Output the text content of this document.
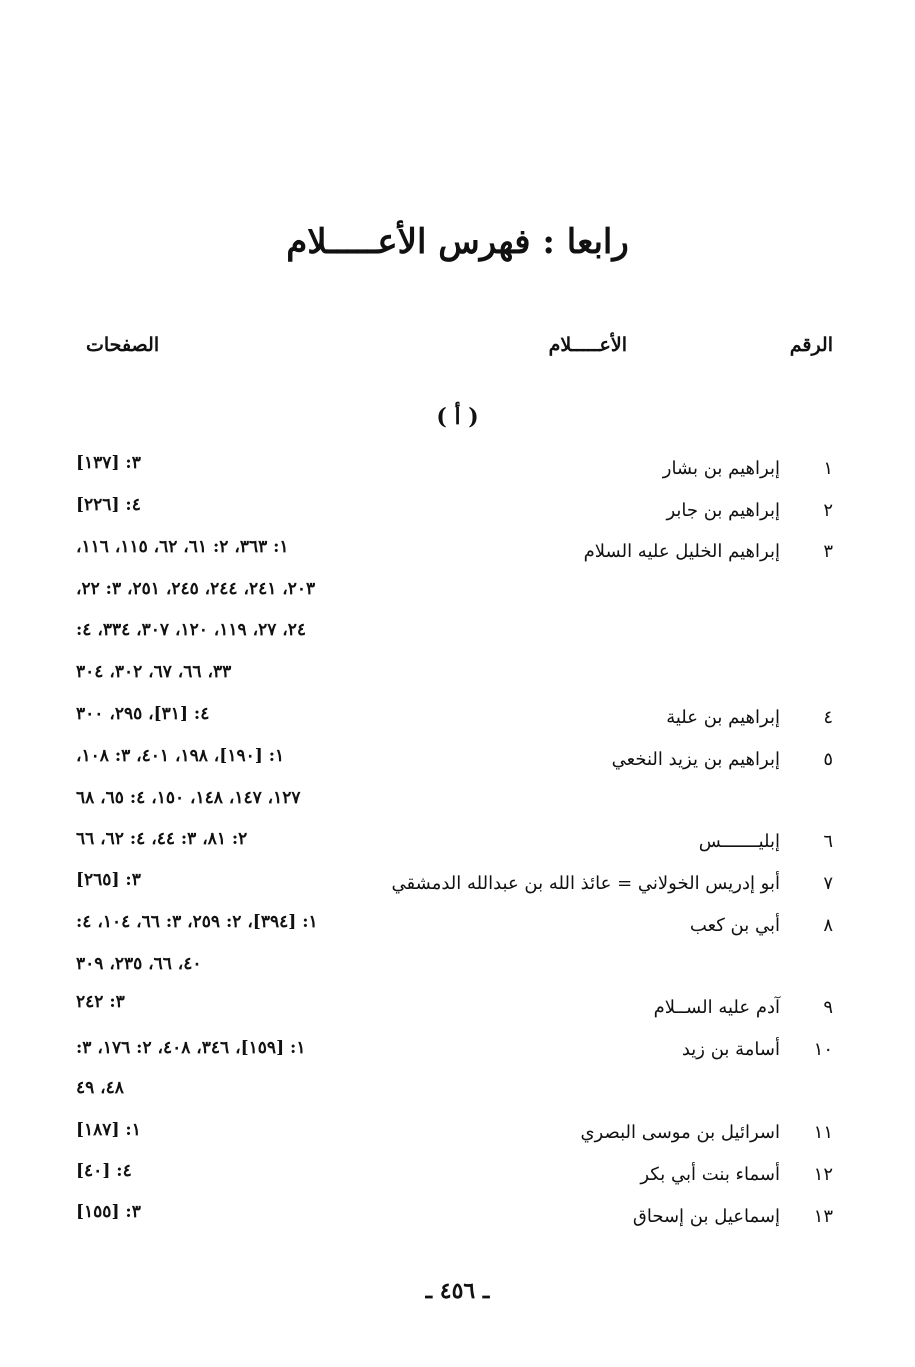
رابعا : فهرس الأعـــــلام
الرقم
الأعـــــلام
الصفحات
( أ )
١
٢
٣
٤
٥
٦
٧
٨
٩
١٠
١١
١٢
١٣
إبراهيم بن بشار
إبراهيم بن جابر
إبراهيم الخليل عليه السلام
إبراهيم بن علية
إبراهيم بن يزيد النخعي
إبليـــــــس
أبو إدريس الخولاني = عائذ الله بن عبدالله الدمشقي
أبي بن كعب
آدم عليه الســلام
أسامة بن زيد
اسرائيل بن موسى البصري
أسماء بنت أبي بكر
إسماعيل بن إسحاق
٣: [١٣٧]
٤: [٢٢٦]
١: ٣٦٣، ٢: ٦١، ٦٢، ١١٥، ١١٦،
٢٠٣، ٢٤١، ٢٤٤، ٢٤٥، ٢٥١، ٣: ٢٢،
٢٤، ٢٧، ١١٩، ١٢٠، ٣٠٧، ٣٣٤، ٤:
٣٣، ٦٦، ٦٧، ٣٠٢، ٣٠٤
٤: [٣١]، ٢٩٥، ٣٠٠
١: [١٩٠]، ١٩٨، ٤٠١، ٣: ١٠٨،
١٢٧، ١٤٧، ١٤٨، ١٥٠، ٤: ٦٥، ٦٨
٢: ٨١، ٣: ٤٤، ٤: ٦٢، ٦٦
٣: [٢٦٥]
١: [٣٩٤]، ٢: ٢٥٩، ٣: ٦٦، ١٠٤، ٤:
٤٠، ٦٦، ٢٣٥، ٣٠٩
٣: ٢٤٢
١: [١٥٩]، ٣٤٦، ٤٠٨، ٢: ١٧٦، ٣:
٤٨، ٤٩
١: [١٨٧]
٤: [٤٠]
٣: [١٥٥]
ـ ٤٥٦ ـ
